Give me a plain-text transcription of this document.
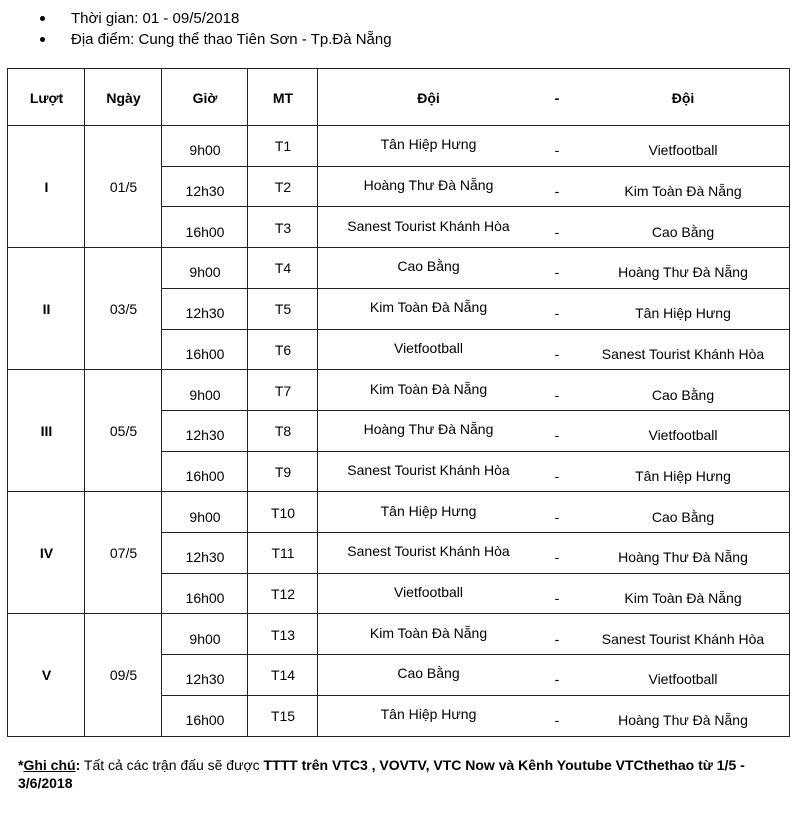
Thời gian: 01 - 09/5/2018
Địa điểm: Cung thể thao Tiên Sơn - Tp.Đà Nẵng
Lượt	Ngày	Giờ	MT	Đội	-	Đội
I	01/5
9h00	T1	Tân Hiệp Hưng	-	Vietfootball
12h30	T2	Hoàng Thư Đà Nẵng	-	Kim Toàn Đà Nẵng
16h00	T3	Sanest Tourist Khánh Hòa	-	Cao Bằng
II	03/5
9h00	T4	Cao Bằng	-	Hoàng Thư Đà Nẵng
12h30	T5	Kim Toàn Đà Nẵng	-	Tân Hiệp Hưng
16h00	T6	Vietfootball	-	Sanest Tourist Khánh Hòa
III	05/5
9h00	T7	Kim Toàn Đà Nẵng	-	Cao Bằng
12h30	T8	Hoàng Thư Đà Nẵng	-	Vietfootball
16h00	T9	Sanest Tourist Khánh Hòa	-	Tân Hiệp Hưng
IV	07/5
9h00	T10	Tân Hiệp Hưng	-	Cao Bằng
12h30	T11	Sanest Tourist Khánh Hòa	-	Hoàng Thư Đà Nẵng
16h00	T12	Vietfootball	-	Kim Toàn Đà Nẵng
V	09/5
9h00	T13	Kim Toàn Đà Nẵng	-	Sanest Tourist Khánh Hòa
12h30	T14	Cao Bằng	-	Vietfootball
16h00	T15	Tân Hiệp Hưng	-	Hoàng Thư Đà Nẵng
*Ghi chú: Tất cả các trận đấu sẽ được TTTT trên VTC3 , VOVTV, VTC Now và Kênh Youtube VTCthethao từ 1/5 - 3/6/2018
